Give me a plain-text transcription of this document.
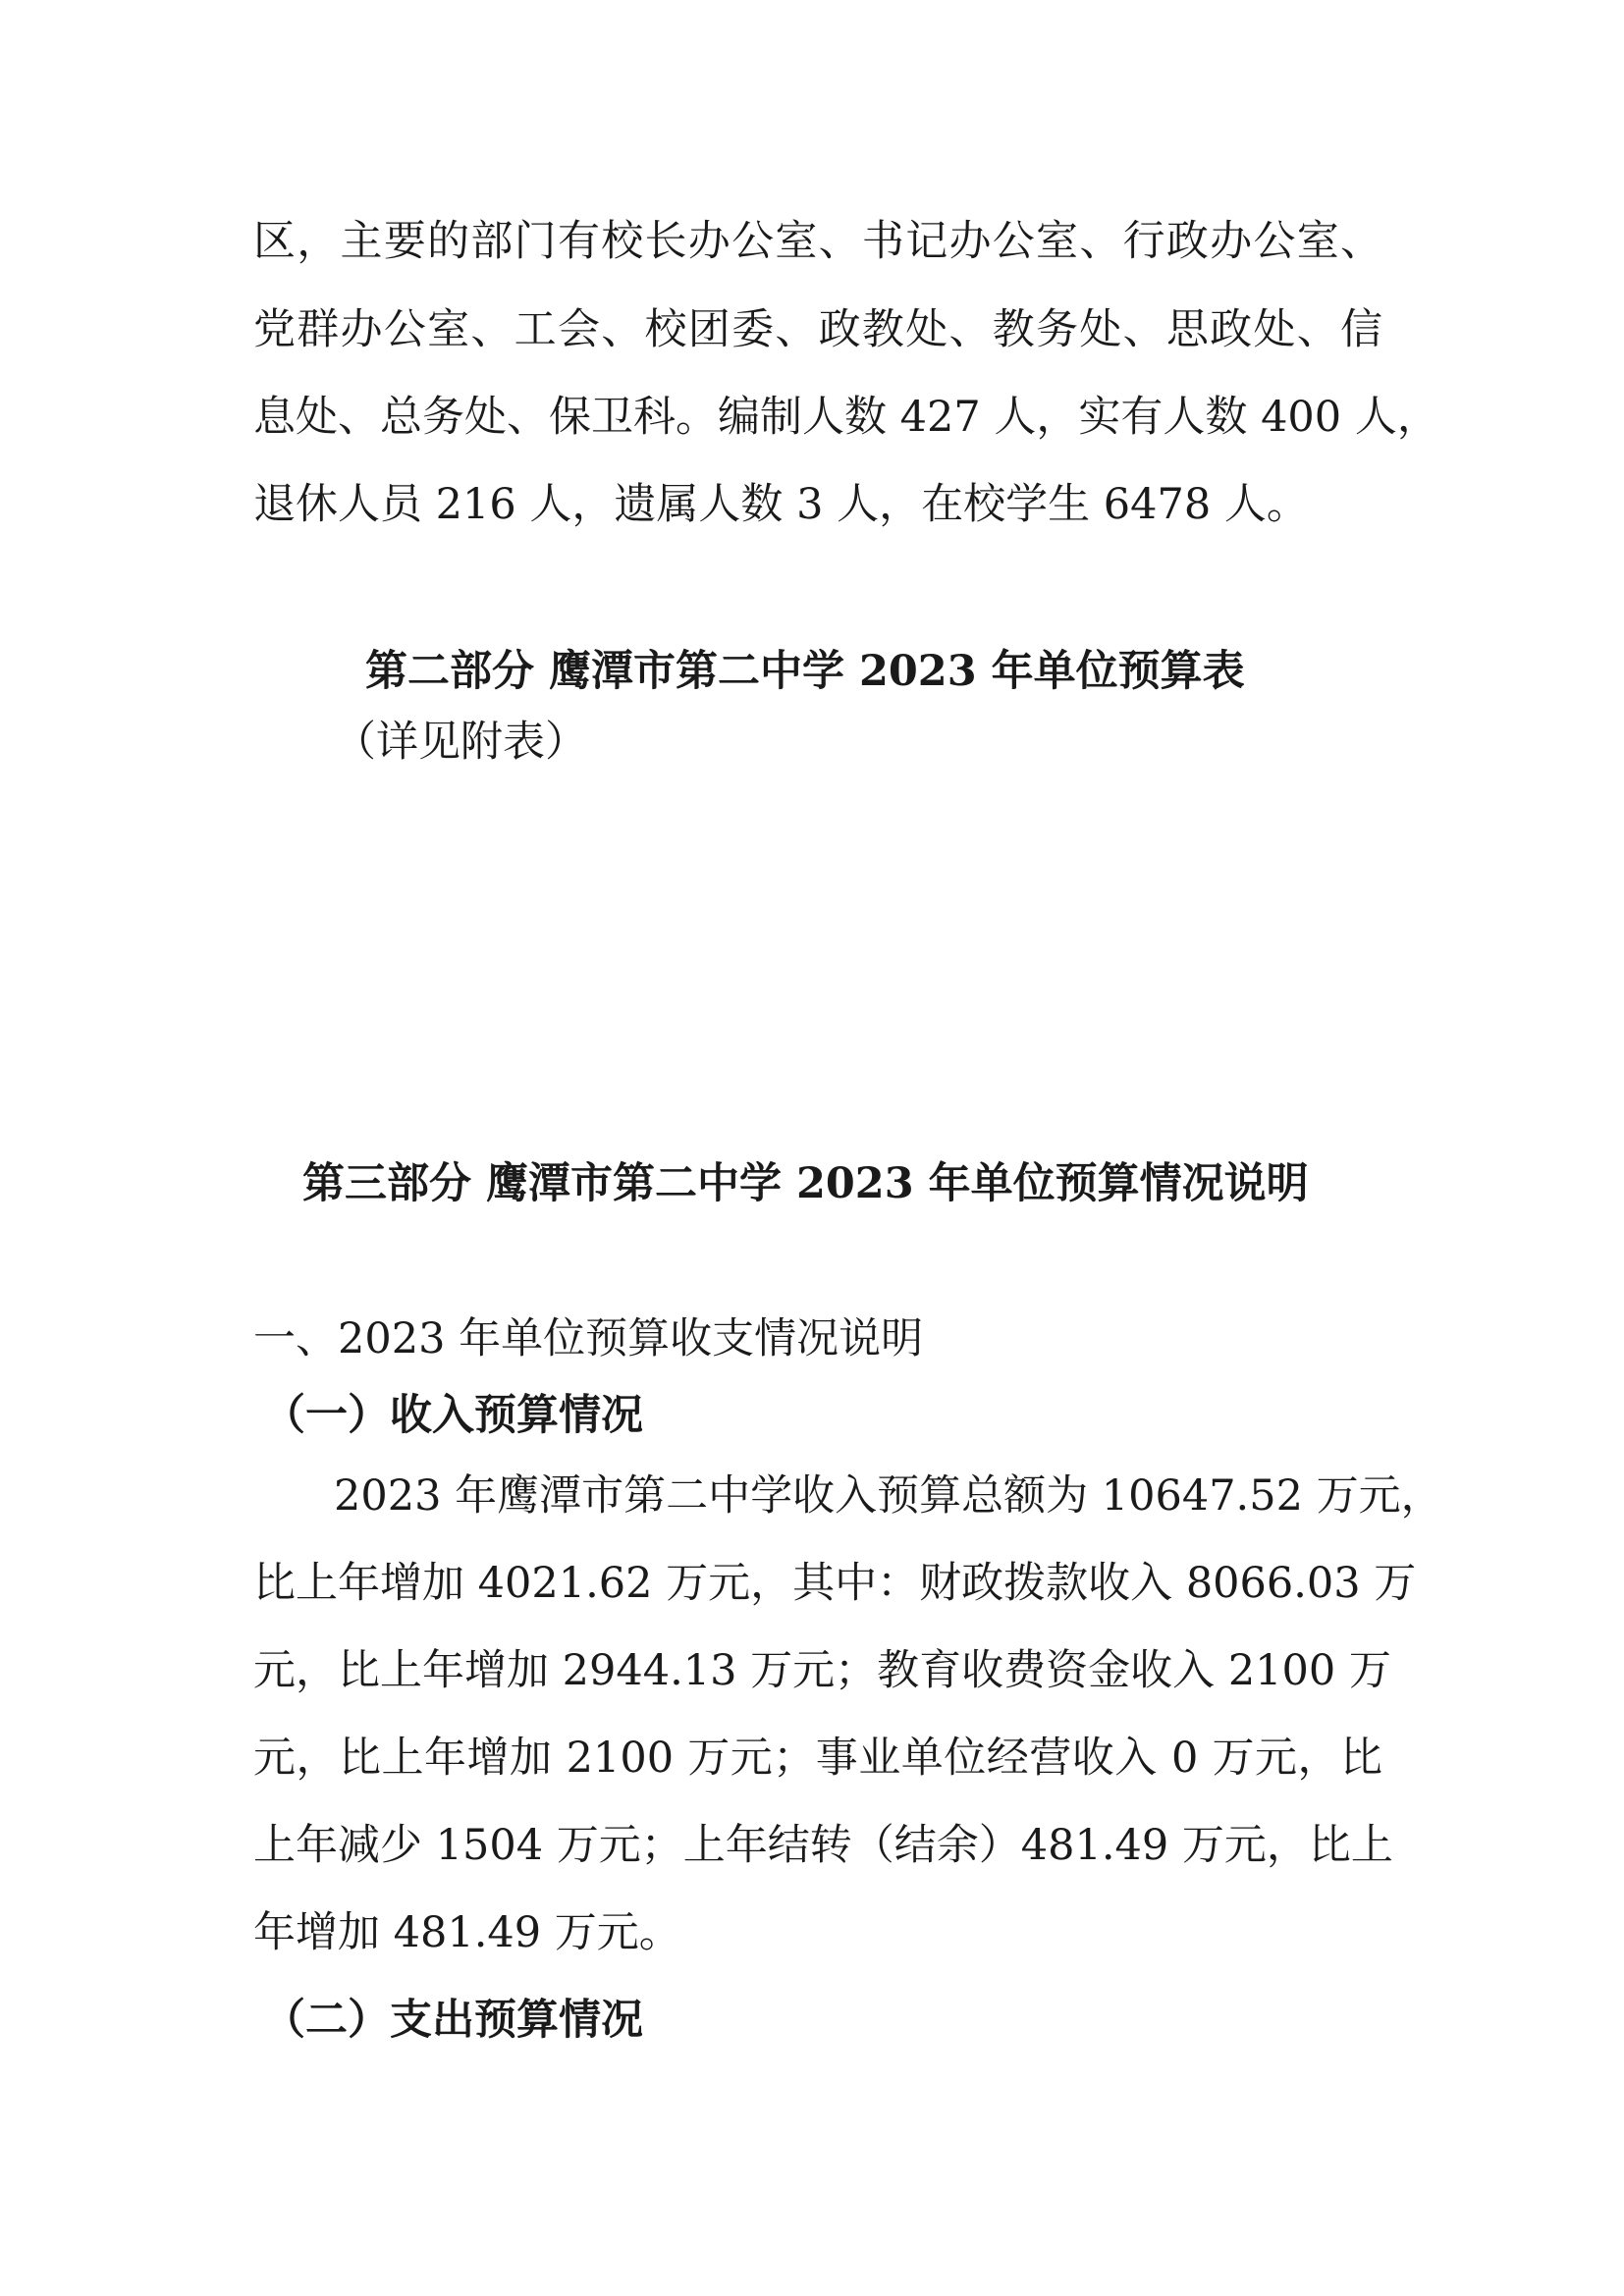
区，主要的部门有校长办公室、书记办公室、行政办公室、

党群办公室、工会、校团委、政教处、教务处、思政处、信

息处、总务处、保卫科。编制人数 427 人，实有人数 400 人，

退休人员 216 人，遗属人数 3 人，在校学生 6478 人。

第二部分 鹰潭市第二中学 2023 年单位预算表

（详见附表）

第三部分 鹰潭市第二中学 2023 年单位预算情况说明
一、2023 年单位预算收支情况说明
（一）收入预算情况

2023 年鹰潭市第二中学收入预算总额为 10647.52 万元，

比上年增加 4021.62 万元，其中：财政拨款收入 8066.03 万

元，比上年增加 2944.13 万元；教育收费资金收入 2100 万

元，比上年增加 2100 万元；事业单位经营收入 0 万元，比

上年减少 1504 万元；上年结转（结余）481.49 万元，比上

年增加 481.49 万元。

（二）支出预算情况
